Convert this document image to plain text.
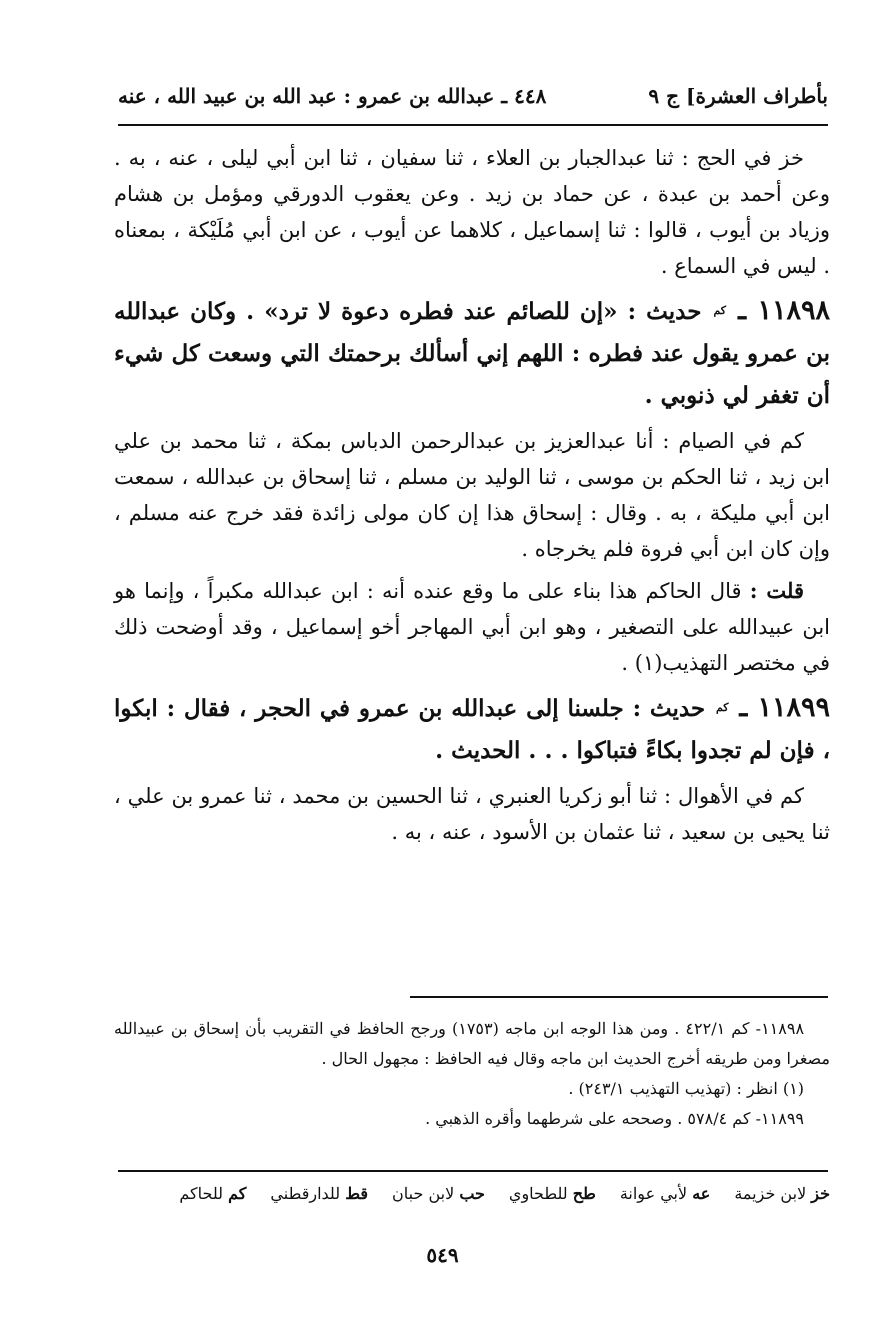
بأطراف العشرة] ج ٩
٤٤٨ ـ عبدالله بن عمرو : عبد الله بن عبيد الله ، عنه

خز في الحج : ثنا عبدالجبار بن العلاء ، ثنا سفيان ، ثنا ابن أبي ليلى ، عنه ، به . وعن أحمد بن عبدة ، عن حماد بن زيد . وعن يعقوب الدورقي ومؤمل بن هشام وزياد بن أيوب ، قالوا : ثنا إسماعيل ، كلاهما عن أيوب ، عن ابن أبي مُلَيْكة ، بمعناه . ليس في السماع .

١١٨٩٨ ـ $^{كم}$ حديث : «إن للصائم عند فطره دعوة لا ترد» . وكان عبدالله بن عمرو يقول عند فطره : اللهم إني أسألك برحمتك التي وسعت كل شيء أن تغفر لي ذنوبي .

كم في الصيام : أنا عبدالعزيز بن عبدالرحمن الدباس بمكة ، ثنا محمد بن علي ابن زيد ، ثنا الحكم بن موسى ، ثنا الوليد بن مسلم ، ثنا إسحاق بن عبدالله ، سمعت ابن أبي مليكة ، به . وقال : إسحاق هذا إن كان مولى زائدة فقد خرج عنه مسلم ، وإن كان ابن أبي فروة فلم يخرجاه .

قلت : قال الحاكم هذا بناء على ما وقع عنده أنه : ابن عبدالله مكبراً ، وإنما هو ابن عبيدالله على التصغير ، وهو ابن أبي المهاجر أخو إسماعيل ، وقد أوضحت ذلك في مختصر التهذيب(١) .

١١٨٩٩ ـ $^{كم}$ حديث : جلسنا إلى عبدالله بن عمرو في الحجر ، فقال : ابكوا ، فإن لم تجدوا بكاءً فتباكوا . . . الحديث .

كم في الأهوال : ثنا أبو زكريا العنبري ، ثنا الحسين بن محمد ، ثنا عمرو بن علي ، ثنا يحيى بن سعيد ، ثنا عثمان بن الأسود ، عنه ، به .

١١٨٩٨- كم ٤٢٢/١ . ومن هذا الوجه ابن ماجه (١٧٥٣) ورجح الحافظ في التقريب بأن إسحاق بن عبيدالله مصغرا ومن طريقه أخرج الحديث ابن ماجه وقال فيه الحافظ : مجهول الحال .

(١) انظر : (تهذيب التهذيب ٢٤٣/١) .

١١٨٩٩- كم ٥٧٨/٤ . وصححه على شرطهما وأقره الذهبي .

خز لابن خزيمة
عه لأبي عوانة
طح للطحاوي
حب لابن حبان
قط للدارقطني
كم للحاكم
٥٤٩
